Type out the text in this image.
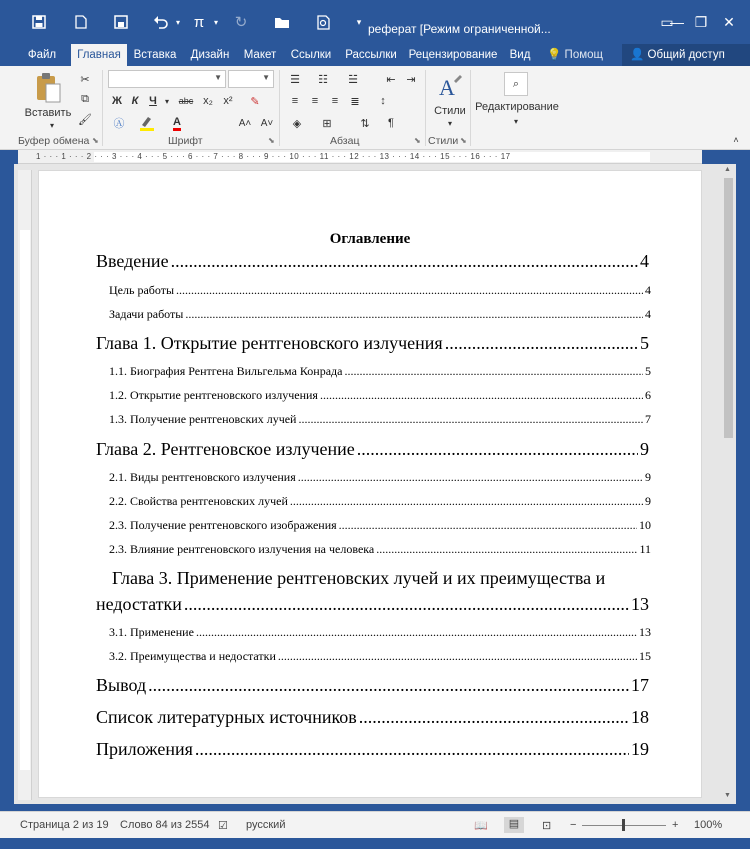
▾ π	▾ ↻	▾
реферат [Режим ограниченной...	▭
— ❐	✕
Файл	Главная	Вставка	Дизайн	Макет	Ссылки	Рассылки	Рецензирование	Вид	💡 Помощ	👤 Общий доступ
Вставить
▾
✂
⧉
🖌
Буфер обмена ⬊
▼	▼
Ж К Ч	▾	abc x₂ x²	✎
Ⓐ	A	A˄ A˅
Шрифт	⬊
☰	☷	☱	⇤ ⇥
≡	≡	≡	≣	↕
◈	⊞	⇅	¶
Абзац	⬊
A
Стили
▾
Стили ⬊
⌕
Редактирование
▾
˄
1 · · · 1 · · · 2 · · · 3 · · · 4 · · · 5 · · · 6 · · · 7 · · · 8 · · · 9 · · · 10 · · · 11 · · · 12 · · · 13 · · · 14 · · · 15 · · · 16 · · · 17
Оглавление
Введение .....	4
Цель работы .....	4
Задачи работы .....	4
Глава 1. Открытие рентгеновского излучения .....	5
1.1. Биография Рентгена Вильгельма Конрада .....	5
1.2. Открытие рентгеновского излучения .....	6
1.3. Получение рентгеновских лучей .....	7
Глава 2. Рентгеновское излучение .....	9
2.1. Виды рентгеновского излучения .....	9
2.2. Свойства рентгеновских лучей .....	9
2.3. Получение рентгеновского изображения .....	10
2.3. Влияние рентгеновского излучения на человека .....	11
Глава 3. Применение рентгеновских лучей и их преимущества и
недостатки .....	13
3.1. Применение .....	13
3.2. Преимущества и недостатки .....	15
Вывод .....	17
Список литературных источников .....	18
Приложения .....	19
▲
▼
Страница 2 из 19 Слово 84 из 2554 ☑ русский	📖	▤	⊡ −	+ 100%
